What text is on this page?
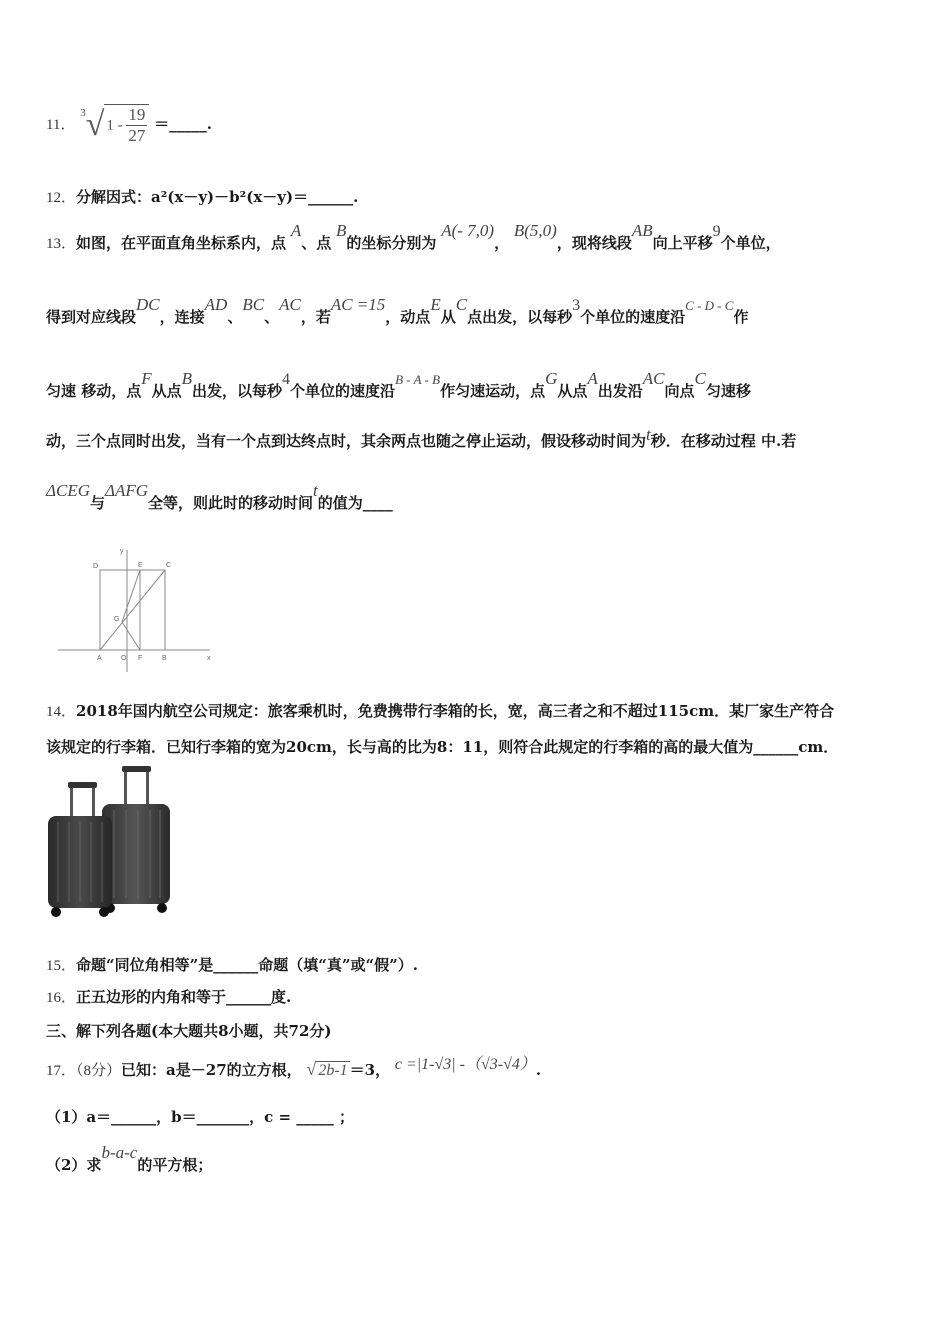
11． $^3$√ $1 - \frac{19}{27}$ ＝_____.
12．分解因式：a²(x－y)－b²(x－y)＝______.
13．如图，在平面直角坐标系内，点 A、点 B的坐标分别为 A(- 7,0)， B(5,0)，现将线段AB向上平移9个单位，
得到对应线段DC，连接AD、BC、AC，若AC =15，动点E从C点出发，以每秒3个单位的速度沿C - D - C作
匀速 移动，点F从点B出发，以每秒4个单位的速度沿B - A - B作匀速运动，点G从点A出发沿AC向点C匀速移
动，三个点同时出发，当有一个点到达终点时，其余两点也随之停止运动，假设移动时间为t秒．在移动过程 中.若
ΔCEG与ΔAFG全等，则此时的移动时间t的值为____
y
x
D	E	C
G
A	O F	B
14．2018年国内航空公司规定：旅客乘机时，免费携带行李箱的长，宽，高三者之和不超过115cm．某厂家生产符合
该规定的行李箱．已知行李箱的宽为20cm，长与高的比为8：11，则符合此规定的行李箱的高的最大值为______cm．
15．命题“同位角相等”是______命题（填“真”或“假”）.
16．正五边形的内角和等于______度.
三、解下列各题(本大题共8小题，共72分)
17．（8分）已知：a是－27的立方根， √ 2b-1 ＝3， c =|1-√3| -（√3-√4）.
（1）a＝______，b＝_______，c = _____ ；
（2）求b-a-c的平方根；
